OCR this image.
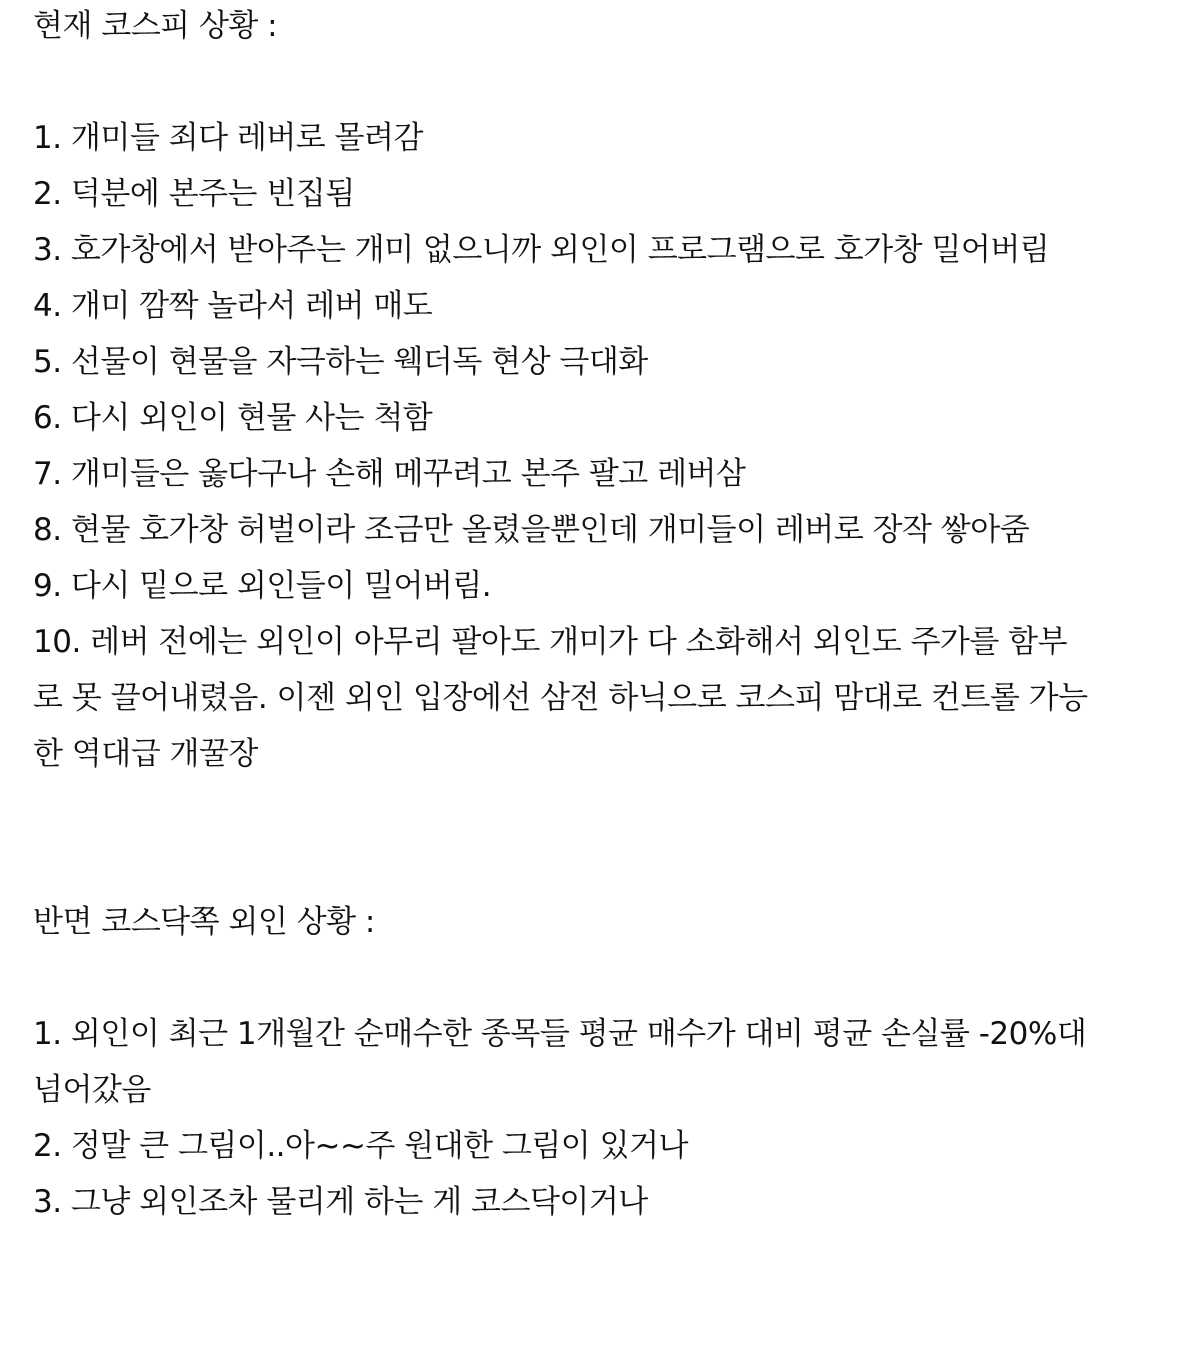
현재 코스피 상황 :
1. 개미들 죄다 레버로 몰려감
2. 덕분에 본주는 빈집됨
3. 호가창에서 받아주는 개미 없으니까 외인이 프로그램으로 호가창 밀어버림
4. 개미 깜짝 놀라서 레버 매도
5. 선물이 현물을 자극하는 웩더독 현상 극대화
6. 다시 외인이 현물 사는 척함
7. 개미들은 옳다구나 손해 메꾸려고 본주 팔고 레버삼
8. 현물 호가창 허벌이라 조금만 올렸을뿐인데 개미들이 레버로 장작 쌓아줌
9. 다시 밑으로 외인들이 밀어버림.
10. 레버 전에는 외인이 아무리 팔아도 개미가 다 소화해서 외인도 주가를 함부
로 못 끌어내렸음. 이젠 외인 입장에선 삼전 하닉으로 코스피 맘대로 컨트롤 가능
한 역대급 개꿀장
반면 코스닥쪽 외인 상황 :
1. 외인이 최근 1개월간 순매수한 종목들 평균 매수가 대비 평균 손실률 -20%대
넘어갔음
2. 정말 큰 그림이..아~~주 원대한 그림이 있거나
3. 그냥 외인조차 물리게 하는 게 코스닥이거나
